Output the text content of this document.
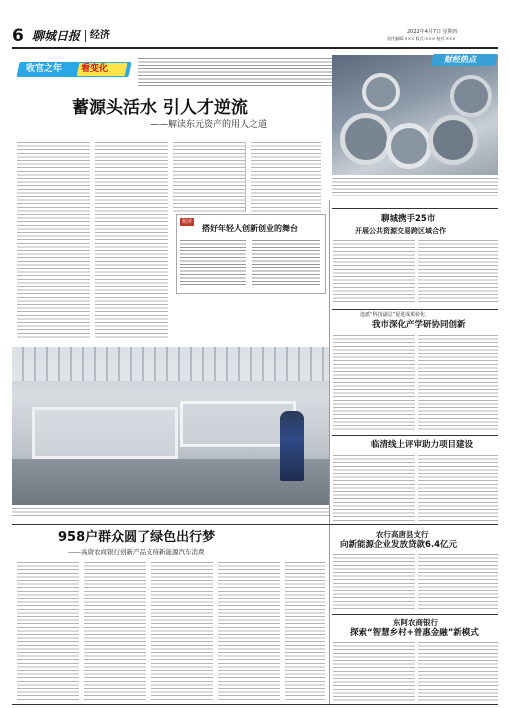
6 聊城日报 经济	2022年4月7日 星期四
责任编辑:××× 版式:××× 校对:×××
收官之年 看变化
蓄源头活水 引人才逆流
——解读东元资产的用人之道
短评
搭好年轻人创新创业的舞台
财经热点
聊城携手25市
开展公共资源交易跨区域合作
选派“科技副总”促进成果转化
我市深化产学研协同创新
临清线上评审助力项目建设
958户群众圆了绿色出行梦
——高唐农商银行创新产品支持新能源汽车消费
农行高唐县支行
向新能源企业发放贷款6.4亿元
东阿农商银行
探索“智慧乡村+普惠金融”新模式
